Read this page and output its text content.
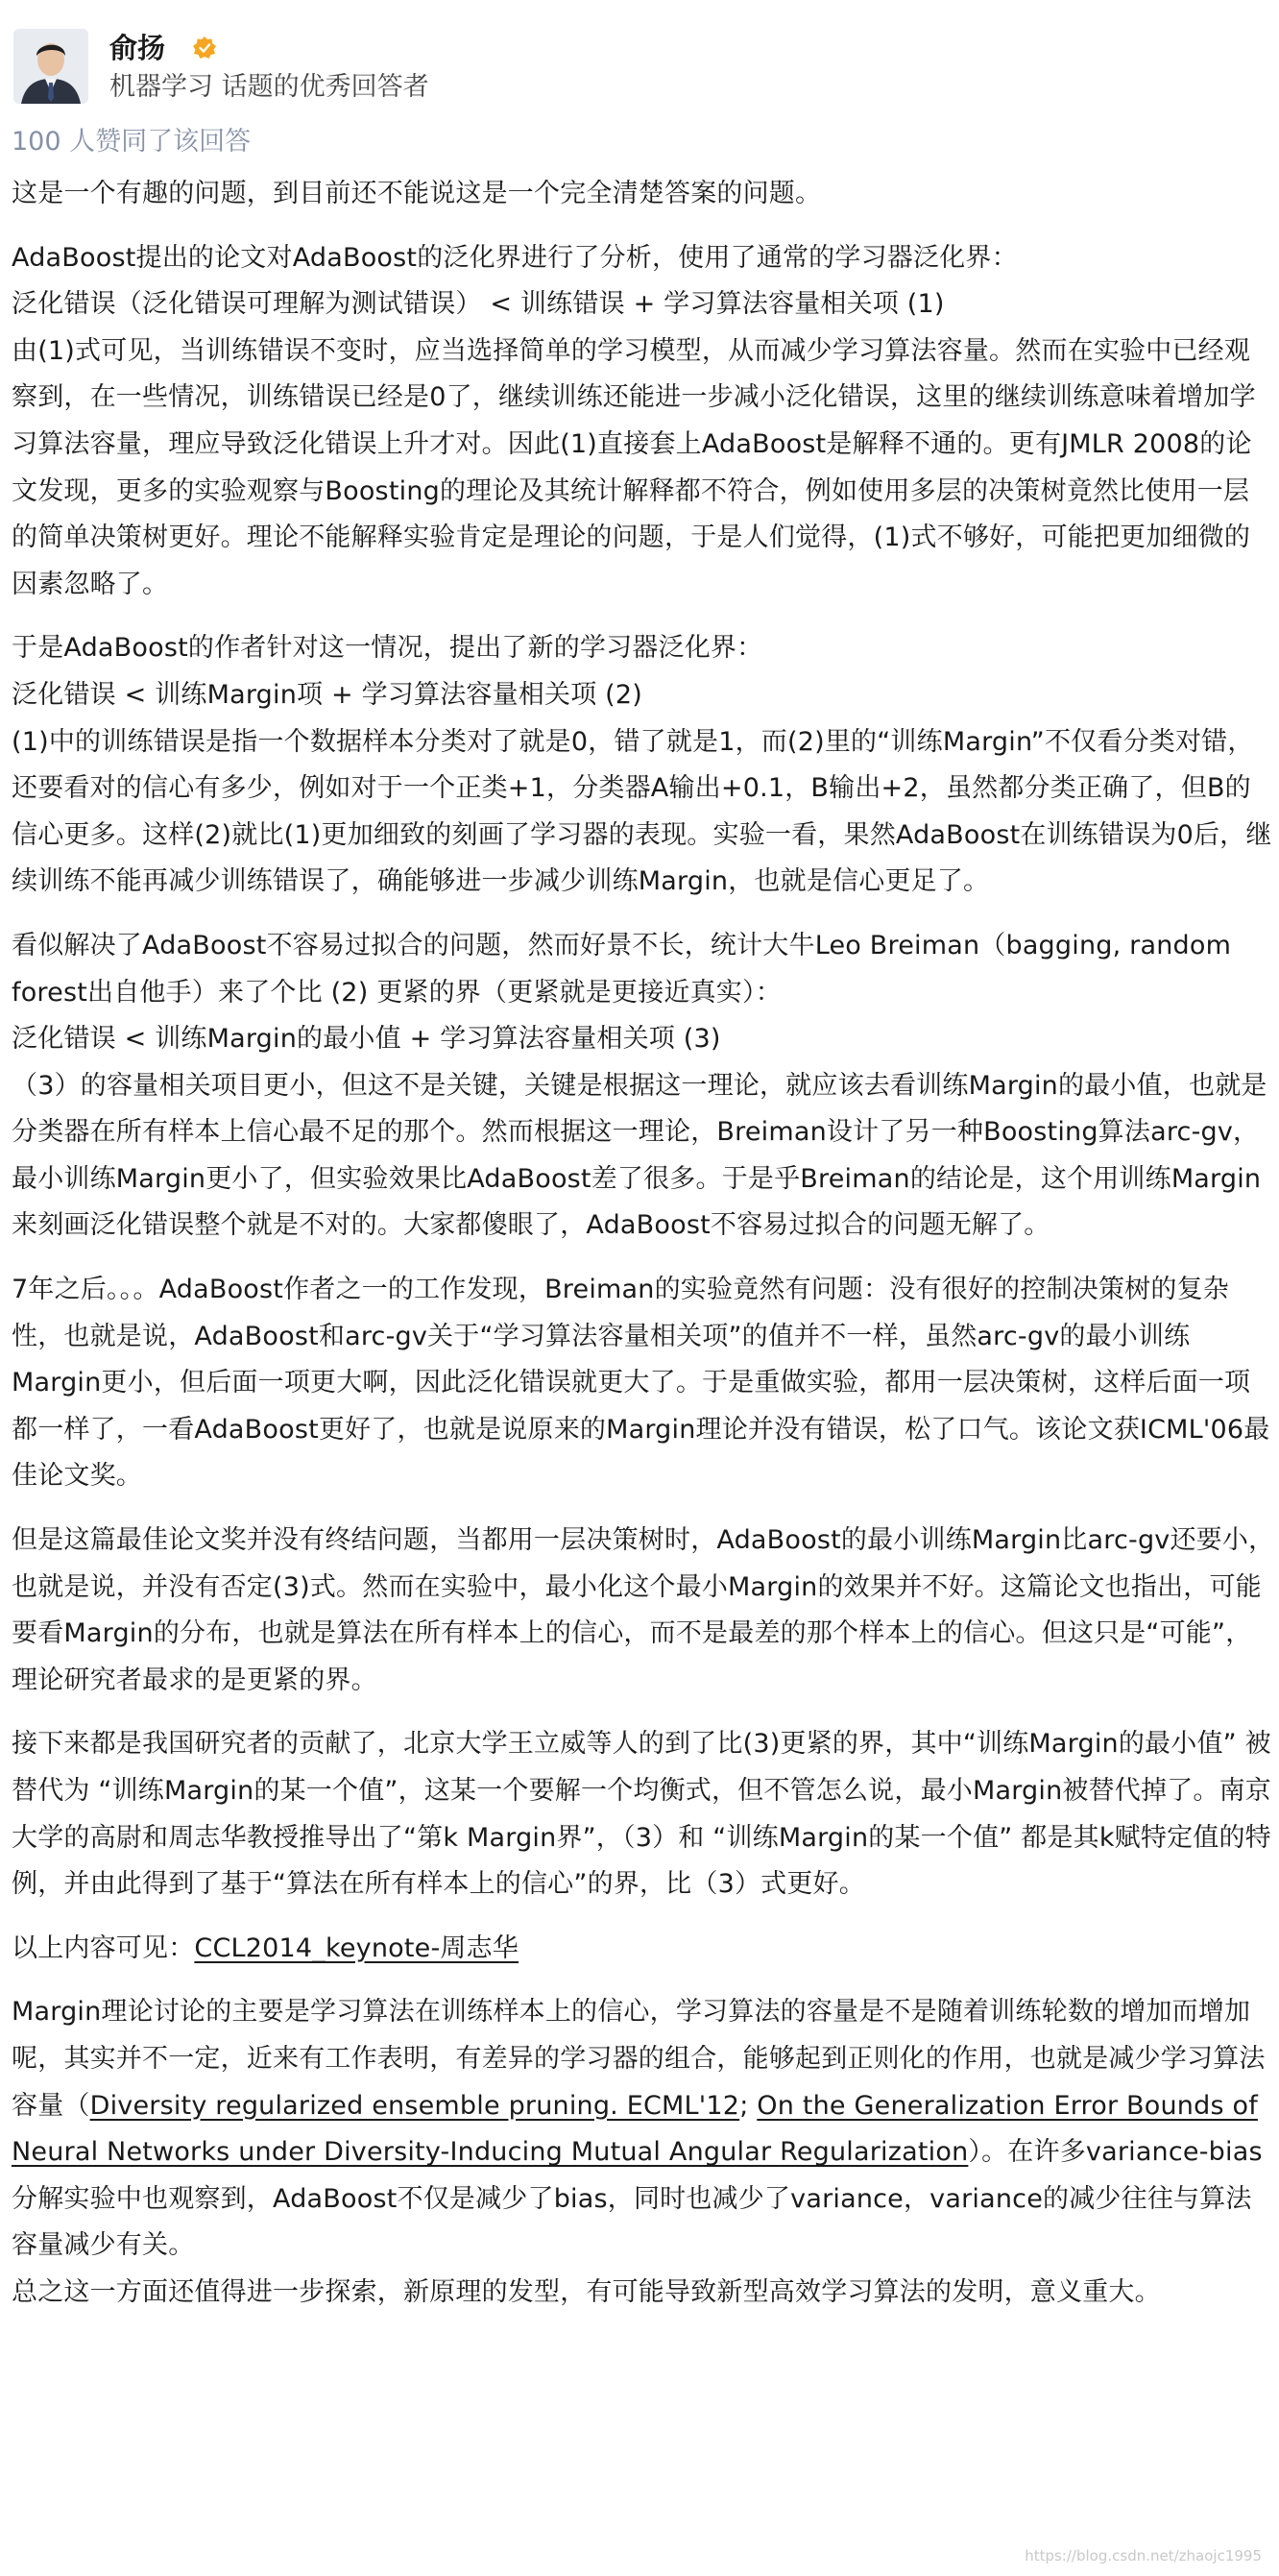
俞扬
机器学习 话题的优秀回答者
100 人赞同了该回答

这是一个有趣的问题，到目前还不能说这是一个完全清楚答案的问题。

AdaBoost提出的论文对AdaBoost的泛化界进行了分析，使用了通常的学习器泛化界：
泛化错误（泛化错误可理解为测试错误） < 训练错误 + 学习算法容量相关项 (1)
由(1)式可见，当训练错误不变时，应当选择简单的学习模型，从而减少学习算法容量。然而在实验中已经观察到，在一些情况，训练错误已经是0了，继续训练还能进一步减小泛化错误，这里的继续训练意味着增加学习算法容量，理应导致泛化错误上升才对。因此(1)直接套上AdaBoost是解释不通的。更有JMLR 2008的论文发现，更多的实验观察与Boosting的理论及其统计解释都不符合，例如使用多层的决策树竟然比使用一层的简单决策树更好。理论不能解释实验肯定是理论的问题，于是人们觉得，(1)式不够好，可能把更加细微的因素忽略了。

于是AdaBoost的作者针对这一情况，提出了新的学习器泛化界：
泛化错误 < 训练Margin项 + 学习算法容量相关项 (2)
(1)中的训练错误是指一个数据样本分类对了就是0，错了就是1，而(2)里的“训练Margin”不仅看分类对错，还要看对的信心有多少，例如对于一个正类+1，分类器A输出+0.1，B输出+2，虽然都分类正确了，但B的信心更多。这样(2)就比(1)更加细致的刻画了学习器的表现。实验一看，果然AdaBoost在训练错误为0后，继续训练不能再减少训练错误了，确能够进一步减少训练Margin，也就是信心更足了。

看似解决了AdaBoost不容易过拟合的问题，然而好景不长，统计大牛Leo Breiman（bagging, random forest出自他手）来了个比 (2) 更紧的界（更紧就是更接近真实）：
泛化错误 < 训练Margin的最小值 + 学习算法容量相关项 (3)
（3）的容量相关项目更小，但这不是关键，关键是根据这一理论，就应该去看训练Margin的最小值，也就是分类器在所有样本上信心最不足的那个。然而根据这一理论，Breiman设计了另一种Boosting算法arc-gv，最小训练Margin更小了，但实验效果比AdaBoost差了很多。于是乎Breiman的结论是，这个用训练Margin来刻画泛化错误整个就是不对的。大家都傻眼了，AdaBoost不容易过拟合的问题无解了。

7年之后。。。AdaBoost作者之一的工作发现，Breiman的实验竟然有问题：没有很好的控制决策树的复杂性，也就是说，AdaBoost和arc-gv关于“学习算法容量相关项”的值并不一样，虽然arc-gv的最小训练Margin更小，但后面一项更大啊，因此泛化错误就更大了。于是重做实验，都用一层决策树，这样后面一项都一样了，一看AdaBoost更好了，也就是说原来的Margin理论并没有错误，松了口气。该论文获ICML'06最佳论文奖。

但是这篇最佳论文奖并没有终结问题，当都用一层决策树时，AdaBoost的最小训练Margin比arc-gv还要小，也就是说，并没有否定(3)式。然而在实验中，最小化这个最小Margin的效果并不好。这篇论文也指出，可能要看Margin的分布，也就是算法在所有样本上的信心，而不是最差的那个样本上的信心。但这只是“可能”，理论研究者最求的是更紧的界。

接下来都是我国研究者的贡献了，北京大学王立威等人的到了比(3)更紧的界，其中“训练Margin的最小值” 被替代为 “训练Margin的某一个值”，这某一个要解一个均衡式，但不管怎么说，最小Margin被替代掉了。南京大学的高尉和周志华教授推导出了“第k Margin界”，（3）和 “训练Margin的某一个值” 都是其k赋特定值的特例，并由此得到了基于“算法在所有样本上的信心”的界，比（3）式更好。

以上内容可见：CCL2014_keynote-周志华

Margin理论讨论的主要是学习算法在训练样本上的信心，学习算法的容量是不是随着训练轮数的增加而增加呢，其实并不一定，近来有工作表明，有差异的学习器的组合，能够起到正则化的作用，也就是减少学习算法容量（Diversity regularized ensemble pruning. ECML'12; On the Generalization Error Bounds of Neural Networks under Diversity-Inducing Mutual Angular Regularization）。在许多variance-bias 分解实验中也观察到，AdaBoost不仅是减少了bias，同时也减少了variance，variance的减少往往与算法容量减少有关。
总之这一方面还值得进一步探索，新原理的发型，有可能导致新型高效学习算法的发明，意义重大。

https://blog.csdn.net/zhaojc1995
